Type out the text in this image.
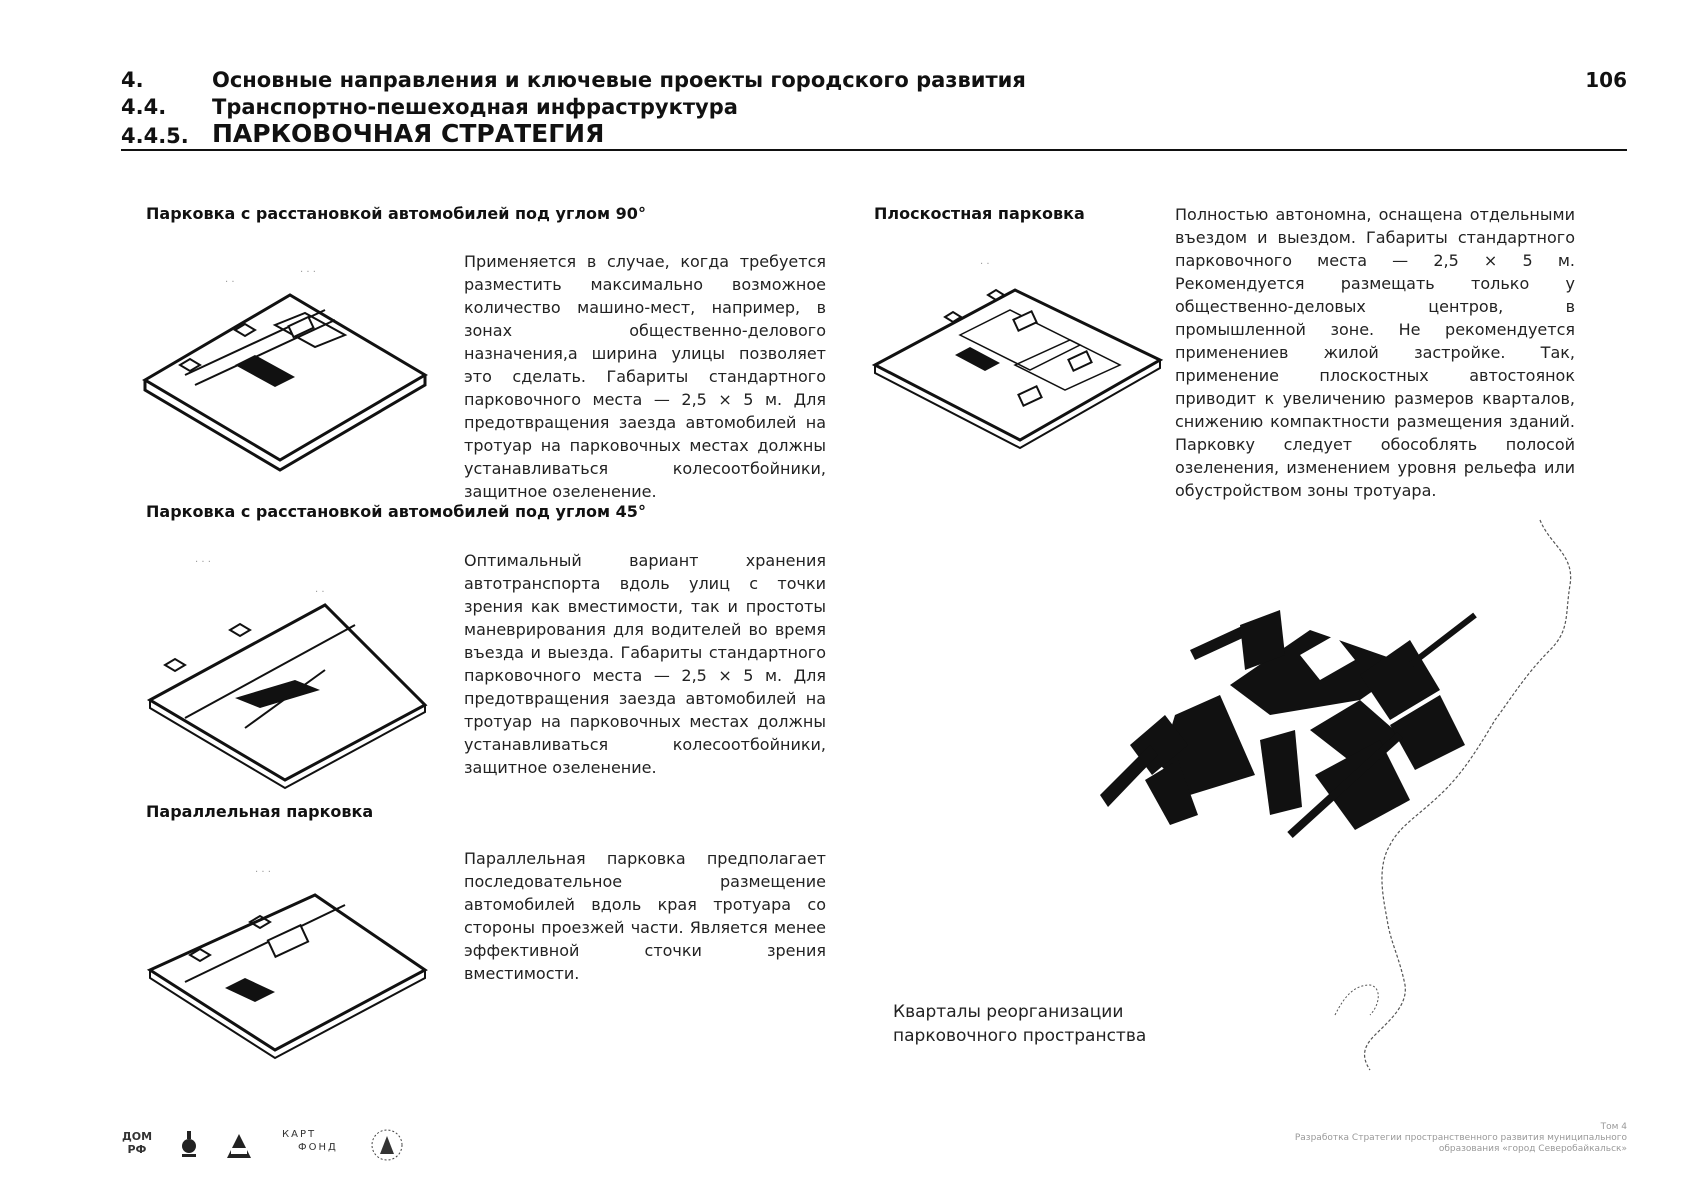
4.	Основные направления и ключевые проекты городского развития
4.4. Транспортно-пешеходная инфраструктура
4.4.5. ПАРКОВОЧНАЯ СТРАТЕГИЯ
106
Парковка с расстановкой автомобилей под углом 90°
· ·
· · ·
Применяется в случае, когда требуется разместить максимально возможное количество машино-мест, например, в зонах общественно-делового назначения,а ширина улицы позволяет это сделать. Габариты стандартного парковочного места — 2,5 × 5 м. Для предотвращения заезда автомобилей на тротуар на парковочных местах должны устанавливаться колесоотбойники, защитное озеленение.
Парковка с расстановкой автомобилей под углом 45°
· · ·
· ·
Оптимальный вариант хранения автотранспорта вдоль улиц с точки зрения как вместимости, так и простоты маневрирования для водителей во время въезда и выезда. Габариты стандартного парковочного места — 2,5 × 5 м. Для предотвращения заезда автомобилей на тротуар на парковочных местах должны устанавливаться колесоотбойники, защитное озеленение.
Параллельная парковка
· · ·
Параллельная парковка предполагает последовательное размещение автомобилей вдоль края тротуара со стороны проезжей части. Является менее эффективной сточки зрения вместимости.
Плоскостная парковка
· ·
Полностью автономна, оснащена отдельными въездом и выездом. Габариты стандартного парковочного места — 2,5 × 5 м. Рекомендуется размещать только у общественно-деловых центров, в промышленной зоне. Не рекомендуется применениев жилой застройке. Так, применение плоскостных автостоянок приводит к увеличению размеров кварталов, снижению компактности размещения зданий. Парковку следует обособлять полосой озеленения, изменением уровня рельефа или обустройством зоны тротуара.
Кварталы реорганизации
парковочного пространства
ДОМ
РФ
КАРТ
ФОНД
Том 4
Разработка Стратегии пространственного развития муниципального
образования «город Северобайкальск»
